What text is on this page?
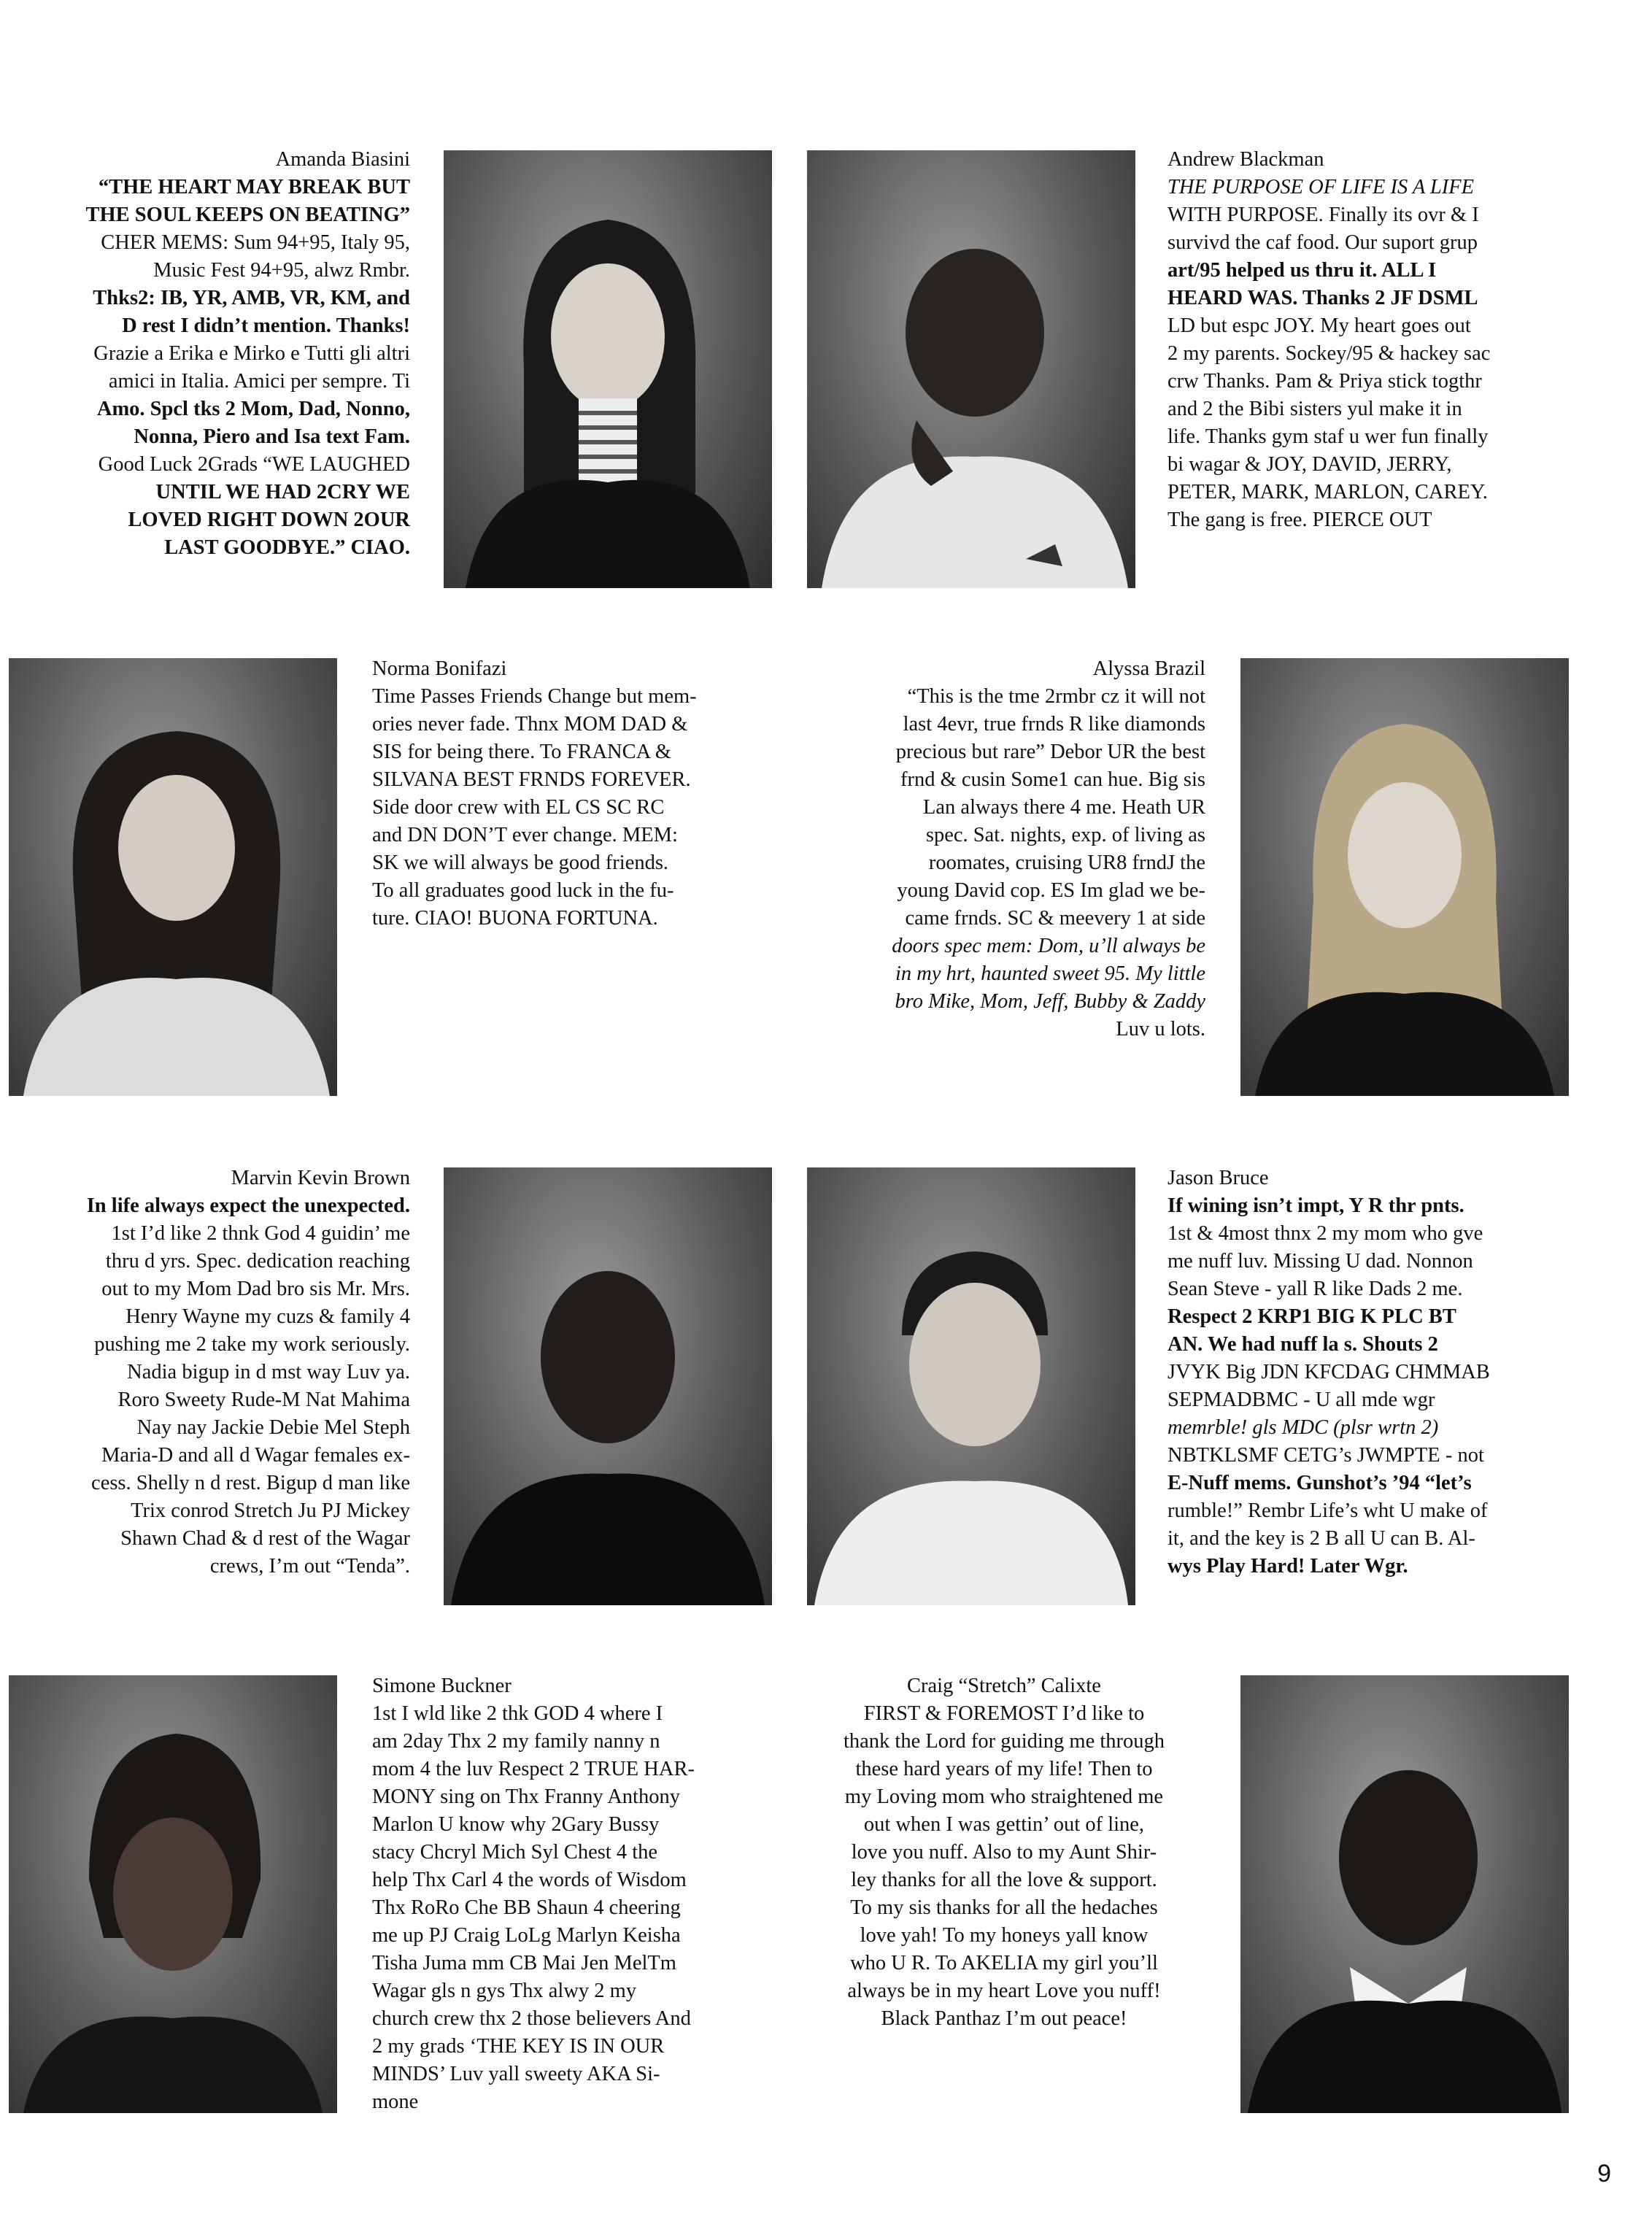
Amanda Biasini
“THE HEART MAY BREAK BUT
THE SOUL KEEPS ON BEATING”
CHER MEMS: Sum 94+95, Italy 95,
Music Fest 94+95, alwz Rmbr.
Thks2: IB, YR, AMB, VR, KM, and
D rest I didn’t mention. Thanks!
Grazie a Erika e Mirko e Tutti gli altri
amici in Italia. Amici per sempre. Ti
Amo. Spcl tks 2 Mom, Dad, Nonno,
Nonna, Piero and Isa text Fam.
Good Luck 2Grads “WE LAUGHED
UNTIL WE HAD 2CRY WE
LOVED RIGHT DOWN 2OUR
LAST GOODBYE.” CIAO.
Andrew Blackman
THE PURPOSE OF LIFE IS A LIFE
WITH PURPOSE. Finally its ovr & I
survivd the caf food. Our suport grup
art/95 helped us thru it. ALL I
HEARD WAS. Thanks 2 JF DSML
LD but espc JOY. My heart goes out
2 my parents. Sockey/95 & hackey sac
crw Thanks. Pam & Priya stick togthr
and 2 the Bibi sisters yul make it in
life. Thanks gym staf u wer fun finally
bi wagar & JOY, DAVID, JERRY,
PETER, MARK, MARLON, CAREY.
The gang is free. PIERCE OUT
Norma Bonifazi
Time Passes Friends Change but mem-
ories never fade. Thnx MOM DAD &
SIS for being there. To FRANCA &
SILVANA BEST FRNDS FOREVER.
Side door crew with EL CS SC RC
and DN DON’T ever change. MEM:
SK we will always be good friends.
To all graduates good luck in the fu-
ture. CIAO! BUONA FORTUNA.
Alyssa Brazil
“This is the tme 2rmbr cz it will not
last 4evr, true frnds R like diamonds
precious but rare” Debor UR the best
frnd & cusin Some1 can hue. Big sis
Lan always there 4 me. Heath UR
spec. Sat. nights, exp. of living as
roomates, cruising UR8 frndJ the
young David cop. ES Im glad we be-
came frnds. SC & meevery 1 at side
doors spec mem: Dom, u’ll always be
in my hrt, haunted sweet 95. My little
bro Mike, Mom, Jeff, Bubby & Zaddy
Luv u lots.
Marvin Kevin Brown
In life always expect the unexpected.
1st I’d like 2 thnk God 4 guidin’ me
thru d yrs. Spec. dedication reaching
out to my Mom Dad bro sis Mr. Mrs.
Henry Wayne my cuzs & family 4
pushing me 2 take my work seriously.
Nadia bigup in d mst way Luv ya.
Roro Sweety Rude-M Nat Mahima
Nay nay Jackie Debie Mel Steph
Maria-D and all d Wagar females ex-
cess. Shelly n d rest. Bigup d man like
Trix conrod Stretch Ju PJ Mickey
Shawn Chad & d rest of the Wagar
crews, I’m out “Tenda”.
Jason Bruce
If wining isn’t impt, Y R thr pnts.
1st & 4most thnx 2 my mom who gve
me nuff luv. Missing U dad. Nonnon
Sean Steve - yall R like Dads 2 me.
Respect 2 KRP1 BIG K PLC BT
AN. We had nuff la s. Shouts 2
JVYK Big JDN KFCDAG CHMMAB
SEPMADBMC - U all mde wgr
memrble! gls MDC (plsr wrtn 2)
NBTKLSMF CETG’s JWMPTE - not
E-Nuff mems. Gunshot’s ’94 “let’s
rumble!” Rembr Life’s wht U make of
it, and the key is 2 B all U can B. Al-
wys Play Hard! Later Wgr.
Simone Buckner
1st I wld like 2 thk GOD 4 where I
am 2day Thx 2 my family nanny n
mom 4 the luv Respect 2 TRUE HAR-
MONY sing on Thx Franny Anthony
Marlon U know why 2Gary Bussy
stacy Chcryl Mich Syl Chest 4 the
help Thx Carl 4 the words of Wisdom
Thx RoRo Che BB Shaun 4 cheering
me up PJ Craig LoLg Marlyn Keisha
Tisha Juma mm CB Mai Jen MelTm
Wagar gls n gys Thx alwy 2 my
church crew thx 2 those believers And
2 my grads ‘THE KEY IS IN OUR
MINDS’ Luv yall sweety AKA Si-
mone
Craig “Stretch” Calixte
FIRST & FOREMOST I’d like to
thank the Lord for guiding me through
these hard years of my life! Then to
my Loving mom who straightened me
out when I was gettin’ out of line,
love you nuff. Also to my Aunt Shir-
ley thanks for all the love & support.
To my sis thanks for all the hedaches
love yah! To my honeys yall know
who U R. To AKELIA my girl you’ll
always be in my heart Love you nuff!
Black Panthaz I’m out peace!
9
